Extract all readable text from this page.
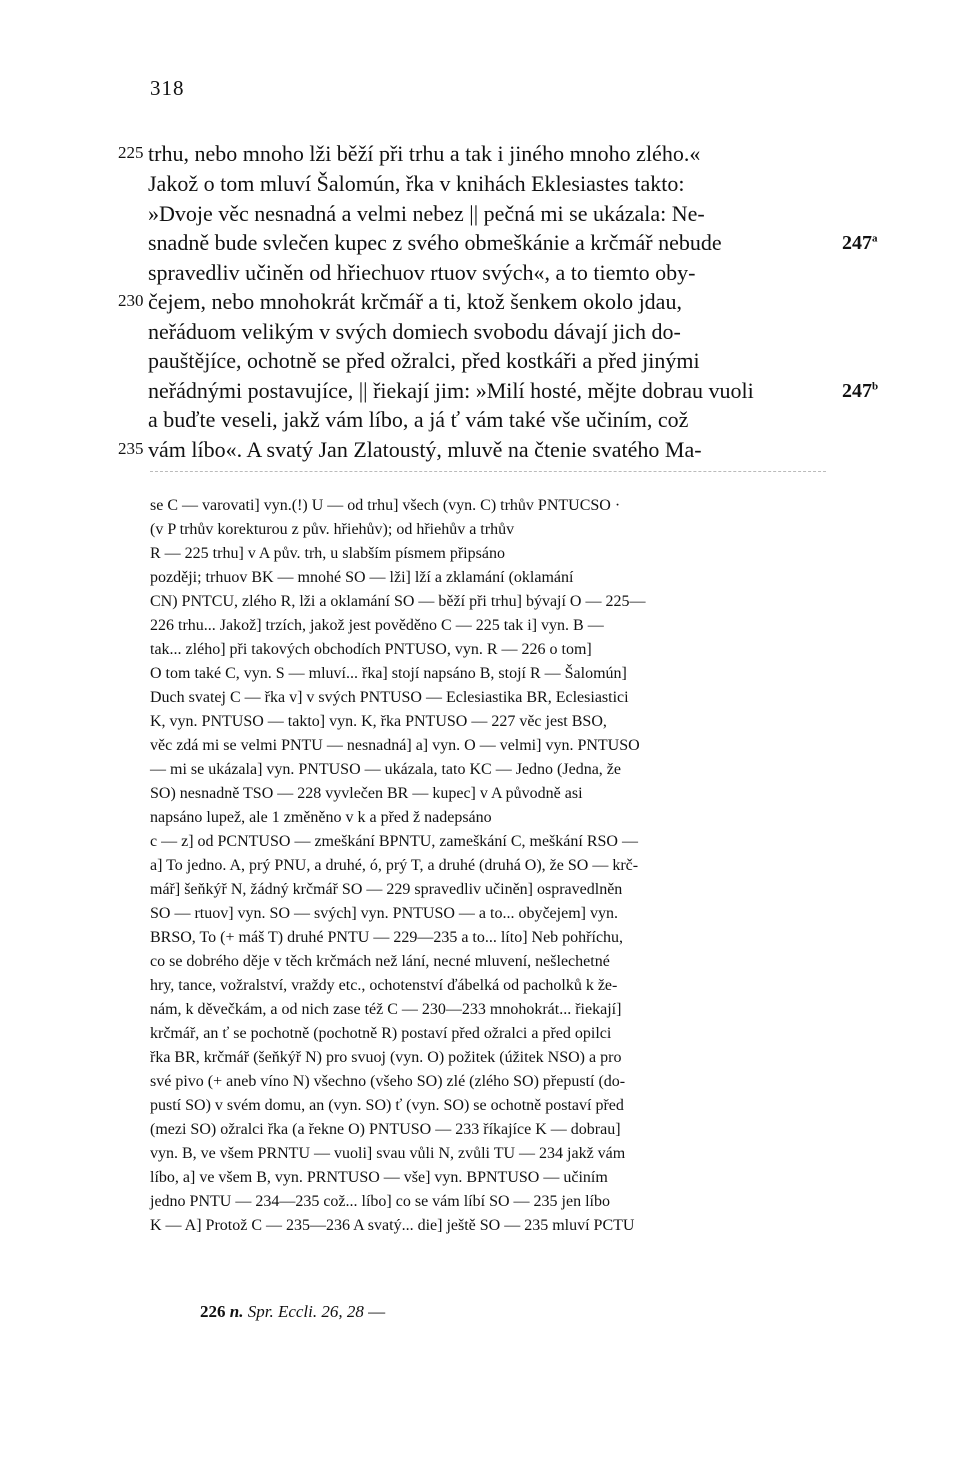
318
225
230
235
247$^a$
247$^b$
trhu, nebo mnoho lži běží při trhu a tak i jiného mnoho zlého.«
Jakož o tom mluví Šalomún, řka v knihách Eklesiastes takto:
»Dvoje věc nesnadná a velmi nebez || pečná mi se ukázala: Ne-
snadně bude svlečen kupec z svého obmeškánie a krčmář nebude
spravedliv učiněn od hřiechuov rtuov svých«, a to tiemto oby-
čejem, nebo mnohokrát krčmář a ti, ktož šenkem okolo jdau,
neřáduom velikým v svých domiech svobodu dávají jich do-
pauštějíce, ochotně se před ožralci, před kostkáři a před jinými
neřádnými postavujíce, || řiekají jim: »Milí hosté, mějte dobrau vuoli
a buďte veseli, jakž vám líbo, a já ť vám také vše učiním, což
vám líbo«. A svatý Jan Zlatoustý, mluvě na čtenie svatého Ma-
se C — varovati] vyn.(!) U — od trhu] všech (vyn. C) trhův PNTUCSO ·
(v P trhův korekturou z pův. hřiehův); od hřiehův a trhův
R — 225 trhu] v A pův. trh, u slabším písmem připsáno
později; trhuov BK — mnohé SO — lži] lží a zklamání (oklamání
CN) PNTCU, zlého R, lži a oklamání SO — běží při trhu] bývají O — 225—
226 trhu... Jakož] trzích, jakož jest pověděno C — 225 tak i] vyn. B —
tak... zlého] při takových obchodích PNTUSO, vyn. R — 226 o tom]
O tom také C, vyn. S — mluví... řka] stojí napsáno B, stojí R — Šalomún]
Duch svatej C — řka v] v svých PNTUSO — Eclesiastika BR, Eclesiastici
K, vyn. PNTUSO — takto] vyn. K, řka PNTUSO — 227 věc jest BSO,
věc zdá mi se velmi PNTU — nesnadná] a] vyn. O — velmi] vyn. PNTUSO
— mi se ukázala] vyn. PNTUSO — ukázala, tato KC — Jedno (Jedna, že
SO) nesnadně TSO — 228 vyvlečen BR — kupec] v A původně asi
napsáno lupež, ale 1 změněno v k a před ž nadepsáno
c — z] od PCNTUSO — zmeškání BPNTU, zameškání C, meškání RSO —
a] To jedno. A, prý PNU, a druhé, ó, prý T, a druhé (druhá O), že SO — krč-
mář] šeňkýř N, žádný krčmář SO — 229 spravedliv učiněn] ospravedlněn
SO — rtuov] vyn. SO — svých] vyn. PNTUSO — a to... obyčejem] vyn.
BRSO, To (+ máš T) druhé PNTU — 229—235 a to... líto] Neb pohříchu,
co se dobrého děje v těch krčmách než lání, necné mluvení, nešlechetné
hry, tance, vožralství, vraždy etc., ochotenství ďábelká od pacholků k že-
nám, k děvečkám, a od nich zase též C — 230—233 mnohokrát... řiekají]
krčmář, an ť se pochotně (pochotně R) postaví před ožralci a před opilci
řka BR, krčmář (šeňkýř N) pro svuoj (vyn. O) požitek (úžitek NSO) a pro
své pivo (+ aneb víno N) všechno (všeho SO) zlé (zlého SO) přepustí (do-
pustí SO) v svém domu, an (vyn. SO) ť (vyn. SO) se ochotně postaví před
(mezi SO) ožralci řka (a řekne O) PNTUSO — 233 říkajíce K — dobrau]
vyn. B, ve všem PRNTU — vuoli] svau vůli N, zvůli TU — 234 jakž vám
líbo, a] ve všem B, vyn. PRNTUSO — vše] vyn. BPNTUSO — učiním
jedno PNTU — 234—235 což... líbo] co se vám líbí SO — 235 jen líbo
K — A] Protož C — 235—236 A svatý... die] ještě SO — 235 mluví PCTU
226 n. Spr. Eccli. 26, 28 —
